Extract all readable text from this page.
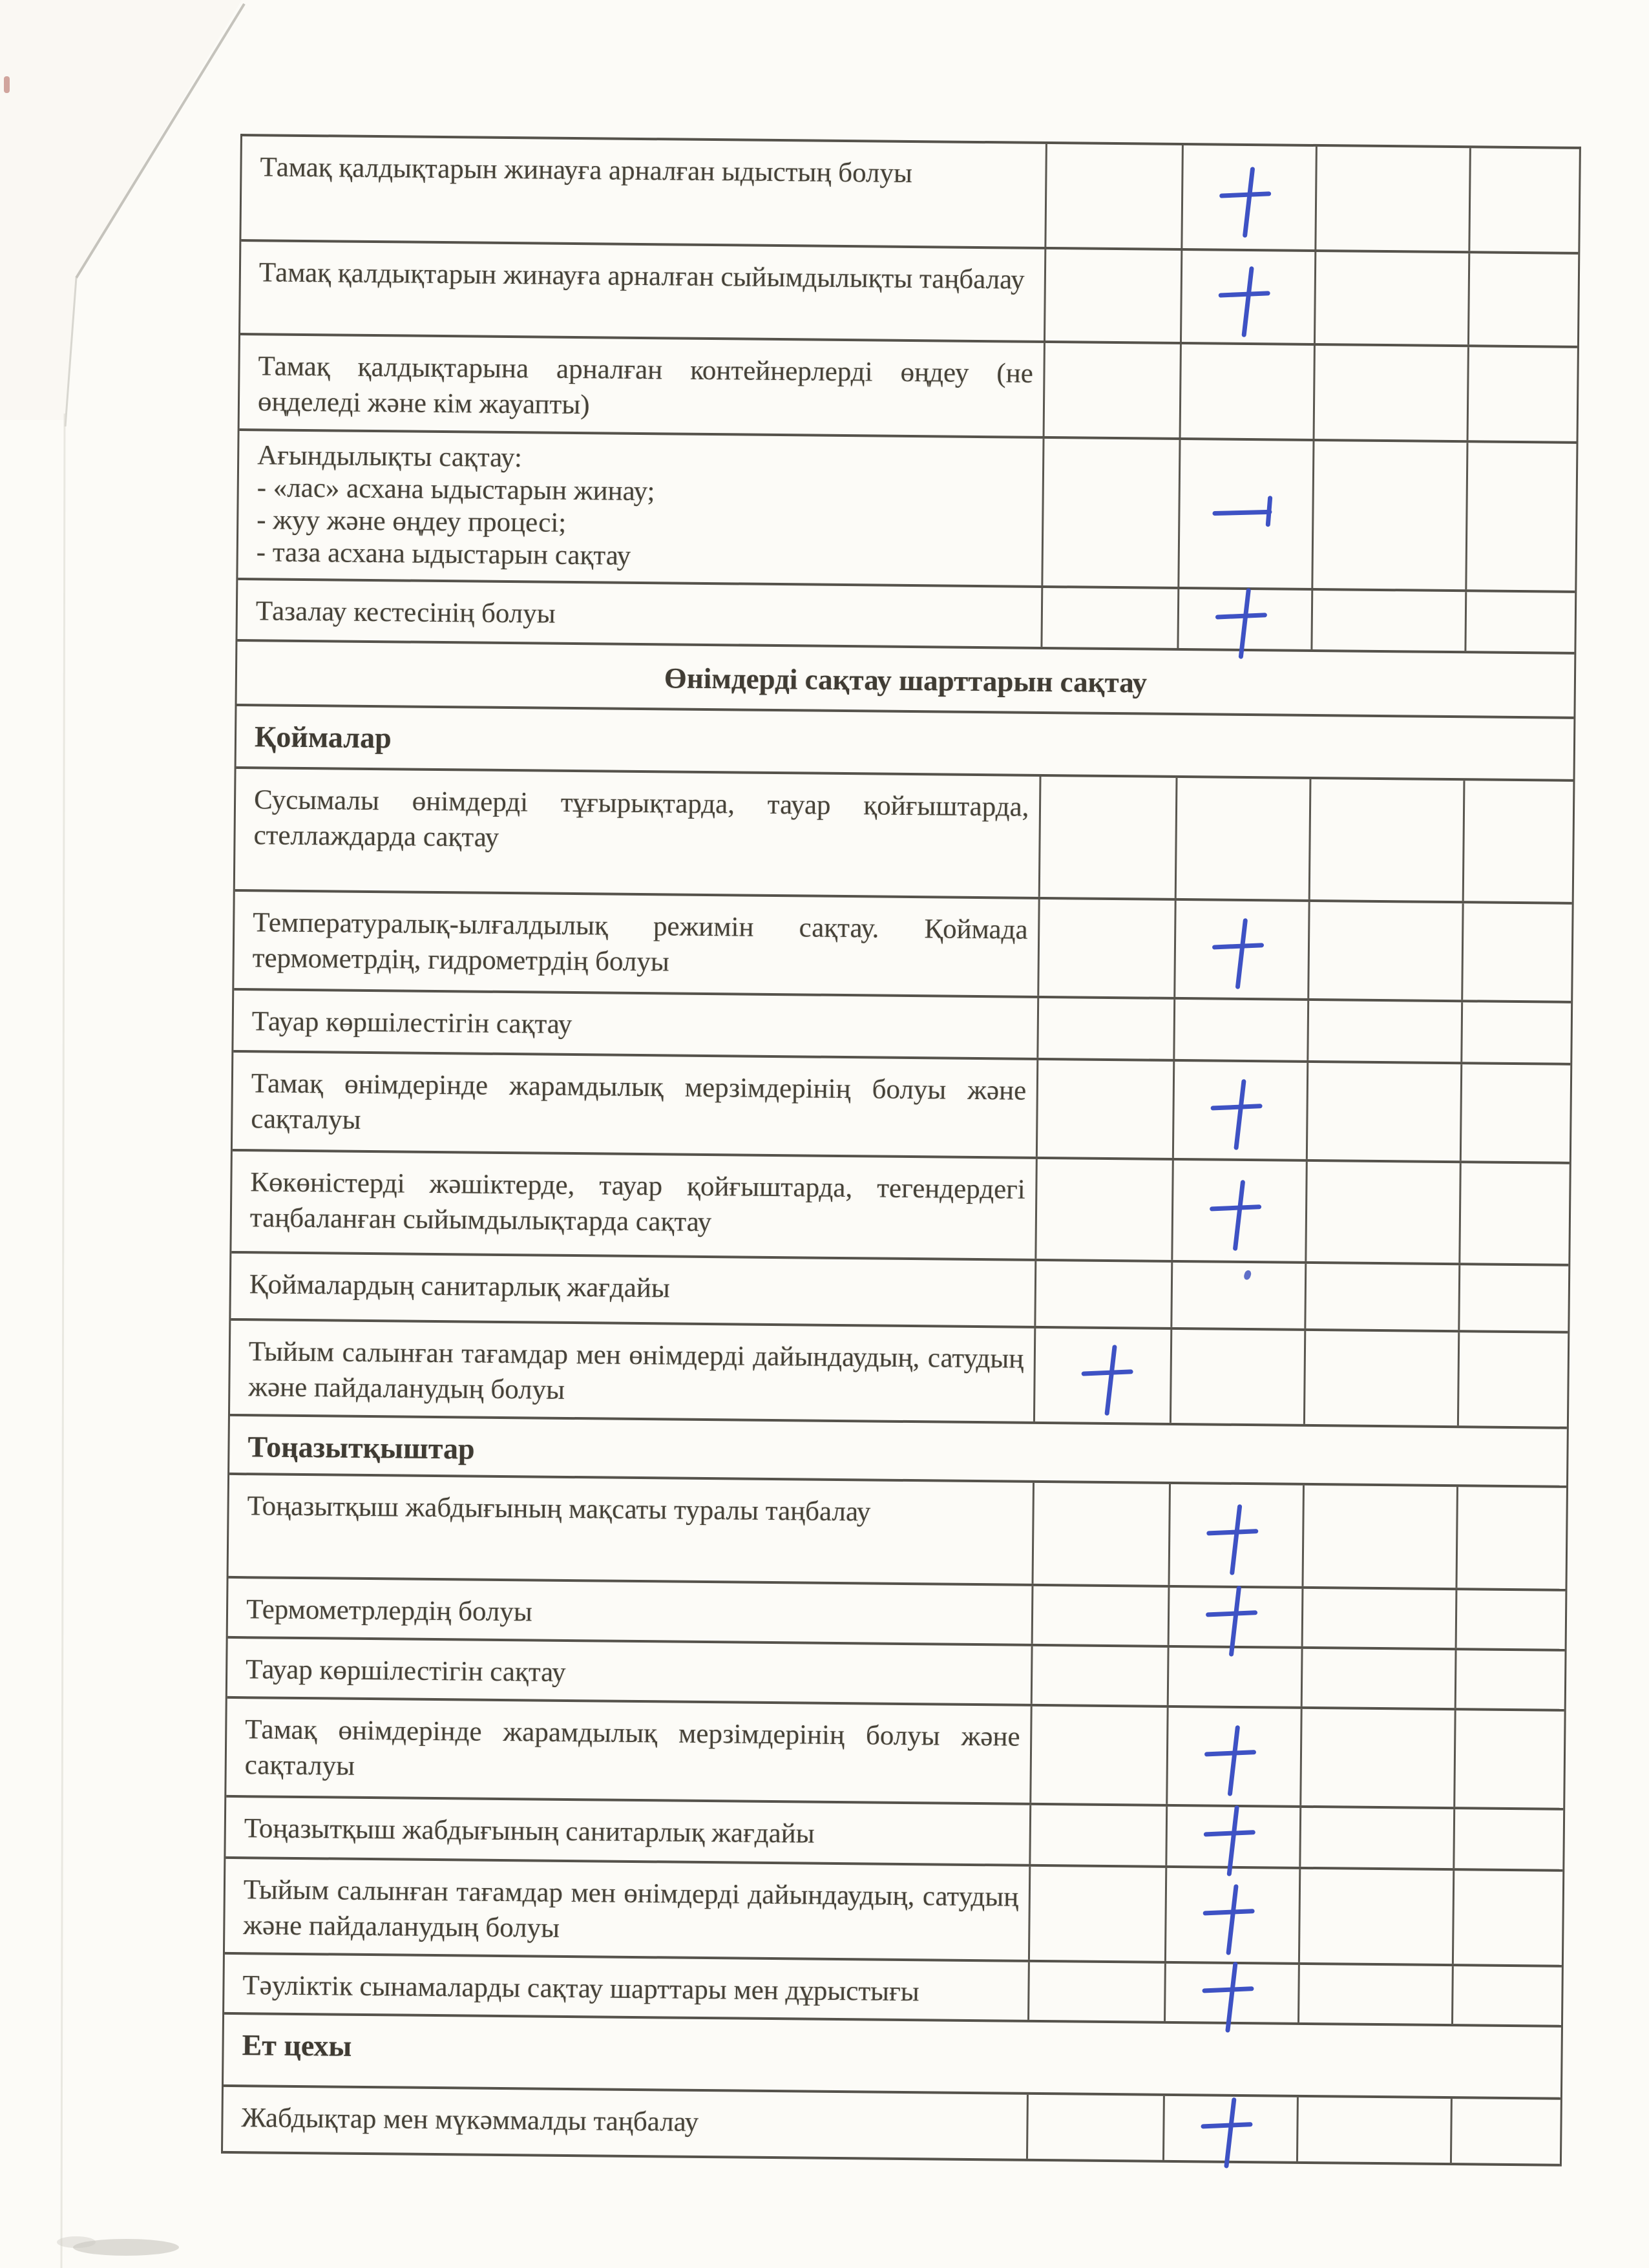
Тамақ қалдықтарын жинауға арналған ыдыстың болуы
Тамақ қалдықтарын жинауға арналған сыйымдылықты таңбалау
Тамақ қалдықтарына арналған контейнерлерді өңдеу (не өңделеді және кім жауапты)
Ағындылықты сақтау:
- «лас» асхана ыдыстарын жинау;
- жуу және өңдеу процесі;
- таза асхана ыдыстарын сақтау
Тазалау кестесінің болуы
Өнімдерді сақтау шарттарын сақтау
Қоймалар
Сусымалы өнімдерді тұғырықтарда, тауар қойғыштарда, стеллаждарда сақтау
Температуралық-ылғалдылық режимін сақтау. Қоймада термометрдің, гидрометрдің болуы
Тауар көршілестігін сақтау
Тамақ өнімдерінде жарамдылық мерзімдерінің болуы және сақталуы
Көкөністерді жәшіктерде, тауар қойғыштарда, тегендердегі таңбаланған сыйымдылықтарда сақтау
Қоймалардың санитарлық жағдайы
Тыйым салынған тағамдар мен өнімдерді дайындаудың, сатудың және пайдаланудың болуы
Тоңазытқыштар
Тоңазытқыш жабдығының мақсаты туралы таңбалау
Термометрлердің болуы
Тауар көршілестігін сақтау
Тамақ өнімдерінде жарамдылық мерзімдерінің болуы және сақталуы
Тоңазытқыш жабдығының санитарлық жағдайы
Тыйым салынған тағамдар мен өнімдерді дайындаудың, сатудың және пайдаланудың болуы
Тәуліктік сынамаларды сақтау шарттары мен дұрыстығы
Ет цехы
Жабдықтар мен мүкәммалды таңбалау
